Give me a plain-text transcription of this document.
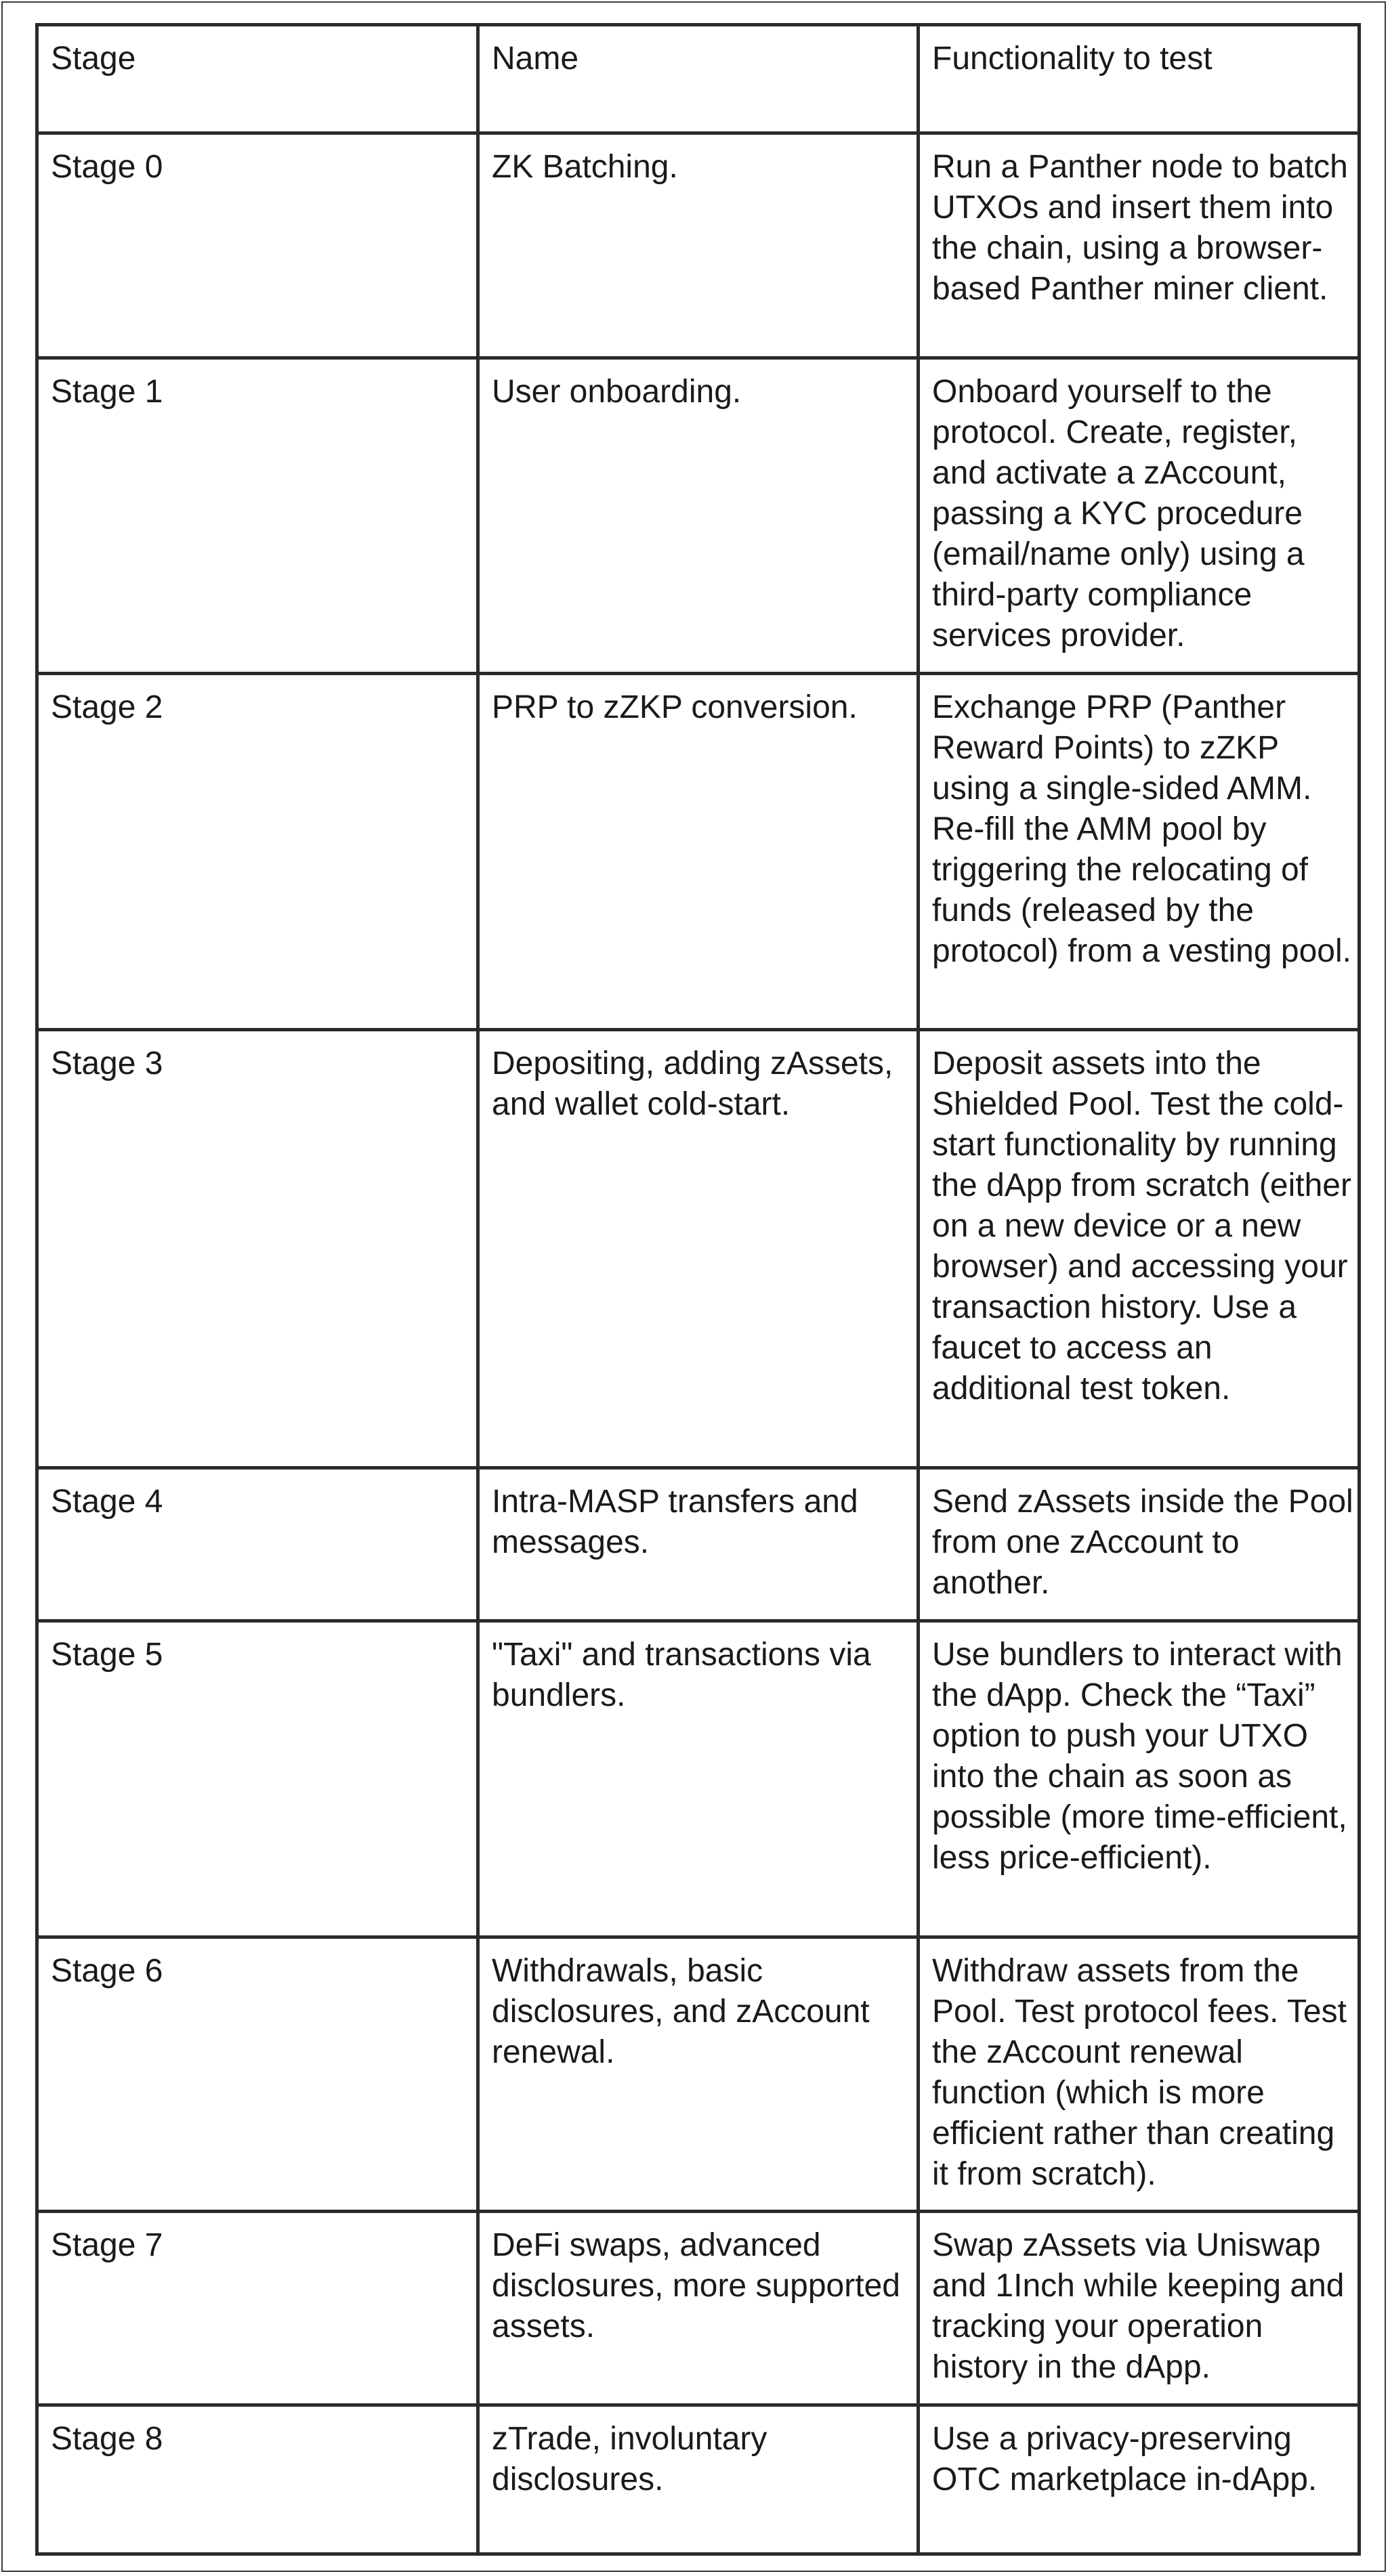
Stage	Name	Functionality to test
Stage 0	ZK Batching.	Run a Panther node to batch UTXOs and insert them into the chain, using a browser-based Panther miner client.
Stage 1	User onboarding.	Onboard yourself to the protocol. Create, register, and activate a zAccount, passing a KYC procedure (email/name only) using a third-party compliance services provider.
Stage 2	PRP to zZKP conversion.	Exchange PRP (Panther Reward Points) to zZKP using a single-sided AMM. Re-fill the AMM pool by triggering the relocating of funds (released by the protocol) from a vesting pool.
Stage 3	Depositing, adding zAssets, and wallet cold-start.	Deposit assets into the Shielded Pool. Test the cold-start functionality by running the dApp from scratch (either on a new device or a new browser) and accessing your transaction history. Use a faucet to access an additional test token.
Stage 4	Intra-MASP transfers and messages.	Send zAssets inside the Pool from one zAccount to another.
Stage 5	"Taxi" and transactions via bundlers.	Use bundlers to interact with the dApp. Check the “Taxi” option to push your UTXO into the chain as soon as possible (more time-efficient, less price-efficient).
Stage 6	Withdrawals, basic disclosures, and zAccount renewal.	Withdraw assets from the Pool. Test protocol fees. Test the zAccount renewal function (which is more efficient rather than creating it from scratch).
Stage 7	DeFi swaps, advanced disclosures, more supported assets.	Swap zAssets via Uniswap and 1Inch while keeping and tracking your operation history in the dApp.
Stage 8	zTrade, involuntary disclosures.	Use a privacy-preserving OTC marketplace in-dApp.
